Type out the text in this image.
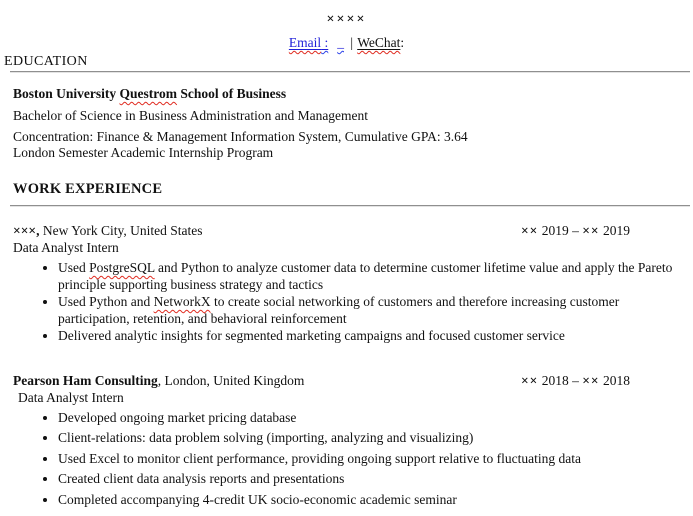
××××
Email : _ | WeChat:
EDUCATION
Boston University Questrom School of Business
Bachelor of Science in Business Administration and Management
Concentration: Finance & Management Information System, Cumulative GPA: 3.64
London Semester Academic Internship Program
WORK EXPERIENCE
×××, New York City, United States	×× 2019 – ×× 2019
Data Analyst Intern
• Used PostgreSQL and Python to analyze customer data to determine customer lifetime value and apply the Pareto principle supporting business strategy and tactics
• Used Python and NetworkX to create social networking of customers and therefore increasing customer participation, retention, and behavioral reinforcement
• Delivered analytic insights for segmented marketing campaigns and focused customer service
Pearson Ham Consulting, London, United Kingdom	×× 2018 – ×× 2018
Data Analyst Intern
• Developed ongoing market pricing database
• Client-relations: data problem solving (importing, analyzing and visualizing)
• Used Excel to monitor client performance, providing ongoing support relative to fluctuating data
• Created client data analysis reports and presentations
• Completed accompanying 4-credit UK socio-economic academic seminar
